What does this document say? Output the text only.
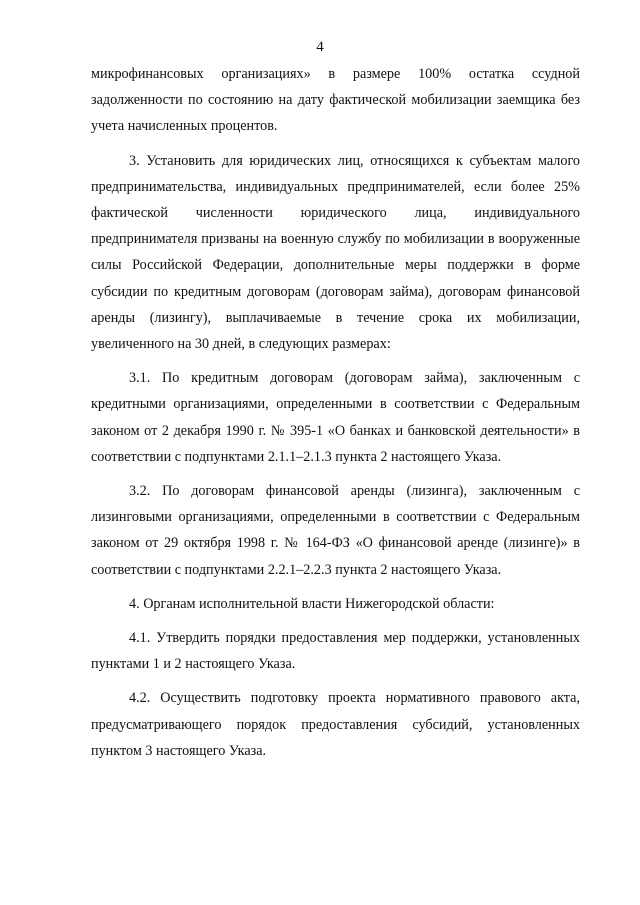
4

микрофинансовых организациях» в размере 100% остатка ссудной задолженности по состоянию на дату фактической мобилизации заемщика без учета начисленных процентов.

3. Установить для юридических лиц, относящихся к субъектам малого предпринимательства, индивидуальных предпринимателей, если более 25% фактической численности юридического лица, индивидуального предпринимателя призваны на военную службу по мобилизации в вооруженные силы Российской Федерации, дополнительные меры поддержки в форме субсидии по кредитным договорам (договорам займа), договорам финансовой аренды (лизингу), выплачиваемые в течение срока их мобилизации, увеличенного на 30 дней, в следующих размерах:

3.1. По кредитным договорам (договорам займа), заключенным с кредитными организациями, определенными в соответствии с Федеральным законом от 2 декабря 1990 г. № 395-1 «О банках и банковской деятельности» в соответствии с подпунктами 2.1.1–2.1.3 пункта 2 настоящего Указа.

3.2. По договорам финансовой аренды (лизинга), заключенным с лизинговыми организациями, определенными в соответствии с Федеральным законом от 29 октября 1998 г. № 164-ФЗ «О финансовой аренде (лизинге)» в соответствии с подпунктами 2.2.1–2.2.3 пункта 2 настоящего Указа.

4. Органам исполнительной власти Нижегородской области:

4.1. Утвердить порядки предоставления мер поддержки, установленных пунктами 1 и 2 настоящего Указа.

4.2. Осуществить подготовку проекта нормативного правового акта, предусматривающего порядок предоставления субсидий, установленных пунктом 3 настоящего Указа.
